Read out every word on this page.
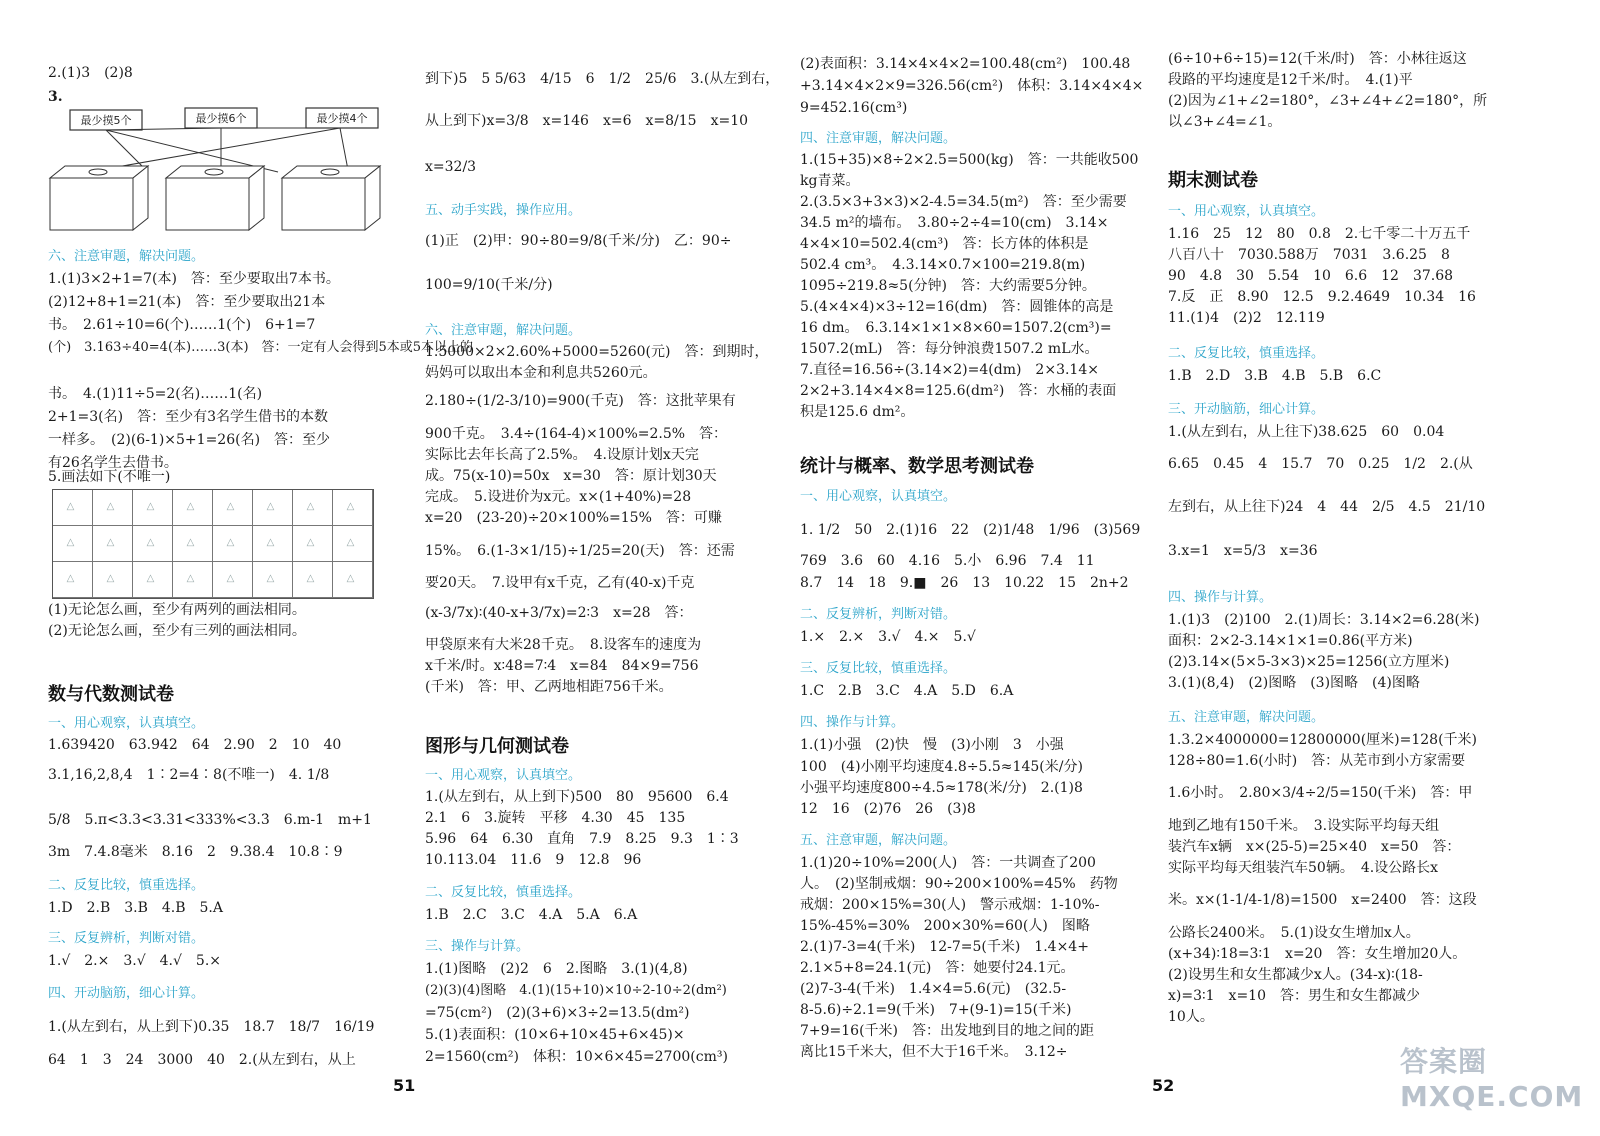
2.(1)3　(2)8
3.
最少摸5个	最少摸6个	最少摸4个
六、注意审题，解决问题。
1.(1)3×2+1=7(本)　答：至少要取出7本书。
(2)12+8+1=21(本)　答：至少要取出21本
书。　2.61÷10=6(个)……1(个)　6+1=7
(个)　3.163÷40=4(本)……3(本)　答：一定有人会得到5本或5本以上的
书。　4.(1)11÷5=2(名)……1(名)
2+1=3(名)　答：至少有3名学生借书的本数
一样多。　(2)(6-1)×5+1=26(名)　答：至少
有26名学生去借书。
5.画法如下(不唯一)
△
△
△
△
△
△
△
△
△
△
△
△
△
△
△
△
△
△
△
△
△
△
△
△
(1)无论怎么画，至少有两列的画法相同。
(2)无论怎么画，至少有三列的画法相同。
数与代数测试卷
一、用心观察，认真填空。
1.639420　63.942　64　2.90　2　10　40
3.1,16,2,8,4　1∶2=4∶8(不唯一)　4. 1/8
5/8　5.π<3.3<3.31<333%<3.3̇　6.m-1　m+1
3m　7.4.8毫米　8.16　2　9.38.4　10.8∶9
二、反复比较，慎重选择。
1.D　2.B　3.B　4.B　5.A
三、反复辨析，判断对错。
1.√　2.×　3.√　4.√　5.×
四、开动脑筋，细心计算。
1.(从左到右，从上到下)0.35　18.7　18/7　16/19
64　1　3　24　3000　40　2.(从左到右，从上
51
到下)5　5 5/63　4/15　6　1/2　25/6　3.(从左到右，
从上到下)x=3/8　x=146　x=6　x=8/15　x=10
x=32/3
五、动手实践，操作应用。
(1)正　(2)甲：90÷80=9/8(千米/分)　乙：90÷
100=9/10(千米/分)
六、注意审题，解决问题。
1.5000×2×2.60%+5000=5260(元)　答：到期时，
妈妈可以取出本金和利息共5260元。
2.180÷(1/2-3/10)=900(千克)　答：这批苹果有
900千克。　3.4÷(164-4)×100%=2.5%　答：
实际比去年长高了2.5%。　4.设原计划x天完
成。75(x-10)=50x　x=30　答：原计划30天
完成。　5.设进价为x元。x×(1+40%)=28
x=20　(23-20)÷20×100%=15%　答：可赚
15%。　6.(1-3×1/15)÷1/25=20(天)　答：还需
要20天。　7.设甲有x千克，乙有(40-x)千克
(x-3/7x)∶(40-x+3/7x)=2∶3　x=28　答：
甲袋原来有大米28千克。　8.设客车的速度为
x千米/时。x∶48=7∶4　x=84　84×9=756
(千米)　答：甲、乙两地相距756千米。
图形与几何测试卷
一、用心观察，认真填空。
1.(从左到右，从上到下)500　80　95600　6.4
2.1　6　3.旋转　平移　4.30　45　135
5.96　64　6.30　直角　7.9　8.25　9.3　1∶3
10.113.04　11.6　9　12.8　96
二、反复比较，慎重选择。
1.B　2.C　3.C　4.A　5.A　6.A
三、操作与计算。
1.(1)图略　(2)2　6　2.图略　3.(1)(4,8)
(2)(3)(4)图略　4.(1)(15+10)×10÷2-10÷2(dm²)
=75(cm²)　(2)(3+6)×3÷2=13.5(dm²)
5.(1)表面积：(10×6+10×45+6×45)×
2=1560(cm²)　体积：10×6×45=2700(cm³)
(2)表面积：3.14×4×4×2=100.48(cm²)　100.48
+3.14×4×2×9=326.56(cm²)　体积：3.14×4×4×
9=452.16(cm³)
四、注意审题，解决问题。
1.(15+35)×8÷2×2.5=500(kg)　答：一共能收500
kg青菜。
2.(3.5×3+3×3)×2-4.5=34.5(m²)　答：至少需要
34.5 m²的墙布。　3.80÷2÷4=10(cm)　3.14×
4×4×10=502.4(cm³)　答：长方体的体积是
502.4 cm³。　4.3.14×0.7×100=219.8(m)
1095÷219.8≈5(分钟)　答：大约需要5分钟。
5.(4×4×4)×3÷12=16(dm)　答：圆锥体的高是
16 dm。　6.3.14×1×1×8×60=1507.2(cm³)=
1507.2(mL)　答：每分钟浪费1507.2 mL水。
7.直径=16.56÷(3.14×2)=4(dm)　2×3.14×
2×2+3.14×4×8=125.6(dm²)　答：水桶的表面
积是125.6 dm²。
统计与概率、数学思考测试卷
一、用心观察，认真填空。
1. 1/2　50　2.(1)16　22　(2)1/48　1/96　(3)569
769　3.6　60　4.16　5.小　6.96　7.4　11
8.7　14　18　9.■　26　13　10.22　15　2n+2
二、反复辨析，判断对错。
1.×　2.×　3.√　4.×　5.√
三、反复比较，慎重选择。
1.C　2.B　3.C　4.A　5.D　6.A
四、操作与计算。
1.(1)小强　(2)快　慢　(3)小刚　3　小强
100　(4)小刚平均速度4.8÷5.5≈145(米/分)
小强平均速度800÷4.5≈178(米/分)　2.(1)8
12　16　(2)76　26　(3)8
五、注意审题，解决问题。
1.(1)20÷10%=200(人)　答：一共调查了200
人。　(2)坚制戒烟：90÷200×100%=45%　药物
戒烟：200×15%=30(人)　警示戒烟：1-10%-
15%-45%=30%　200×30%=60(人)　图略
2.(1)7-3=4(千米)　12-7=5(千米)　1.4×4+
2.1×5+8=24.1(元)　答：她要付24.1元。
(2)7-3-4(千米)　1.4×4=5.6(元)　(32.5-
8-5.6)÷2.1=9(千米)　7+(9-1)=15(千米)
7+9=16(千米)　答：出发地到目的地之间的距
离比15千米大，但不大于16千米。　3.12÷
(6÷10+6÷15)=12(千米/时)　答：小林往返这
段路的平均速度是12千米/时。　4.(1)平
(2)因为∠1+∠2=180°，∠3+∠4+∠2=180°，所
以∠3+∠4=∠1。
期末测试卷
一、用心观察，认真填空。
1.16　25　12　80　0.8　2.七千零二十万五千
八百八十　7030.588万　7031　3.6.25　8
90　4.8　30　5.54　10　6.6　12　37.68
7.反　正　8.90　12.5　9.2.4649　10.34　16
11.(1)4　(2)2　12.119
二、反复比较，慎重选择。
1.B　2.D　3.B　4.B　5.B　6.C
三、开动脑筋，细心计算。
1.(从左到右，从上往下)38.625　60　0.04
6.65　0.45　4　15.7　70　0.25　1/2　2.(从
左到右，从上往下)24　4　44　2/5　4.5　21/10
3.x=1　x=5/3　x=36
四、操作与计算。
1.(1)3　(2)100　2.(1)周长：3.14×2=6.28(米)
面积：2×2-3.14×1×1=0.86(平方米)
(2)3.14×(5×5-3×3)×25=1256(立方厘米)
3.(1)(8,4)　(2)图略　(3)图略　(4)图略
五、注意审题，解决问题。
1.3.2×4000000=12800000(厘米)=128(千米)
128÷80=1.6(小时)　答：从芜市到小方家需要
1.6小时。　2.80×3/4÷2/5=150(千米)　答：甲
地到乙地有150千米。　3.设实际平均每天组
装汽车x辆　x×(25-5)=25×40　x=50　答：
实际平均每天组装汽车50辆。　4.设公路长x
米。x×(1-1/4-1/8)=1500　x=2400　答：这段
公路长2400米。　5.(1)设女生增加x人。
(x+34)∶18=3∶1　x=20　答：女生增加20人。
(2)设男生和女生都减少x人。(34-x)∶(18-
x)=3∶1　x=10　答：男生和女生都减少
10人。
52
答案圈 MXQE.COM
